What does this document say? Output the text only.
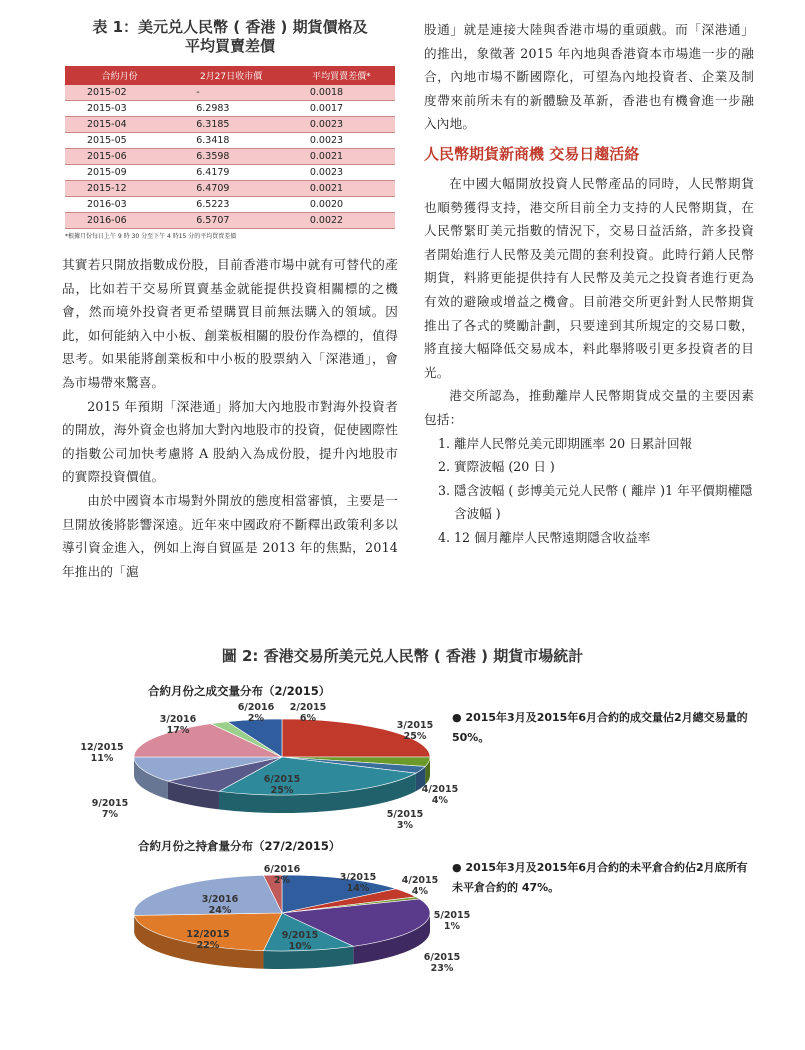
表 1：美元兑人民幣 ( 香港 ) 期貨價格及
平均買賣差價
合約月份	2月27日收市價	平均買賣差價*
2015-02	-	0.0018
2015-03	6.2983	0.0017
2015-04	6.3185	0.0023
2015-05	6.3418	0.0023
2015-06	6.3598	0.0021
2015-09	6.4179	0.0023
2015-12	6.4709	0.0021
2016-03	6.5223	0.0020
2016-06	6.5707	0.0022
*根據月份每日上午 9 時 30 分至下午 4 時15 分的平均買賣差價

其實若只開放指數成份股，目前香港市場中就有可替代的產品，比如若干交易所買賣基金就能提供投資相關標的之機會，然而境外投資者更希望購買目前無法購入的領域。因此，如何能納入中小板、創業板相關的股份作為標的，值得思考。如果能將創業板和中小板的股票納入「深港通」，會為市場帶來驚喜。

2015 年預期「深港通」將加大內地股市對海外投資者的開放，海外資金也將加大對內地股市的投資，促使國際性的指數公司加快考慮將 A 股納入為成份股，提升內地股市的實際投資價值。

由於中國資本市場對外開放的態度相當審慎，主要是一旦開放後將影響深遠。近年來中國政府不斷釋出政策利多以導引資金進入，例如上海自貿區是 2013 年的焦點，2014 年推出的「滬

股通」就是連接大陸與香港市場的重頭戲。而「深港通」的推出，象徵著 2015 年內地與香港資本市場進一步的融合，內地市場不斷國際化，可望為內地投資者、企業及制度帶來前所未有的新體驗及革新，香港也有機會進一步融入內地。

人民幣期貨新商機 交易日趨活絡

在中國大幅開放投資人民幣產品的同時，人民幣期貨也順勢獲得支持，港交所目前全力支持的人民幣期貨，在人民幣緊盯美元指數的情況下，交易日益活絡，許多投資者開始進行人民幣及美元間的套利投資。此時行銷人民幣期貨，料將更能提供持有人民幣及美元之投資者進行更為有效的避險或增益之機會。目前港交所更針對人民幣期貨推出了各式的獎勵計劃，只要達到其所規定的交易口數，將直接大幅降低交易成本，料此舉將吸引更多投資者的目光。

港交所認為，推動離岸人民幣期貨成交量的主要因素包括：

1. 離岸人民幣兑美元即期匯率 20 日累計回報
2. 實際波幅 (20 日 )
3. 隱含波幅 ( 彭博美元兑人民幣 ( 離岸 )1 年平價期權隱含波幅 )
4. 12 個月離岸人民幣遠期隱含收益率
圖 2: 香港交易所美元兑人民幣 ( 香港 ) 期貨市場統計
合約月份之成交量分布（2/2015）
● 2015年3月及2015年6月合約的成交量佔2月總交易量的 50%。
合約月份之持倉量分布（27/2/2015）
● 2015年3月及2015年6月合約的未平倉合約佔2月底所有未平倉合約的 47%。
3/2015 25%
4/2015 4%
5/2015 3%
6/2015 25%
9/2015 7%
12/2015 11%
3/2016 17%
6/2016 2%
2/2015 6%
3/2015 14%
4/2015 4%
5/2015 1%
6/2015 23%
9/2015 10%
12/2015 22%
3/2016 24%
6/2016 2%
